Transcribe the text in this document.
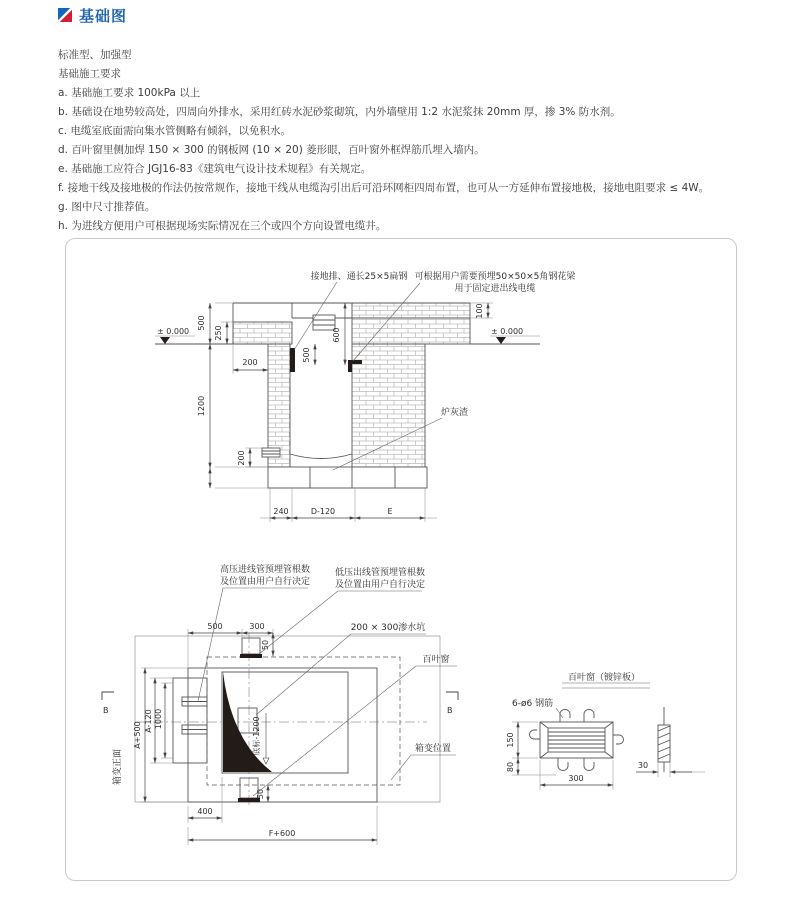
基础图
标准型、加强型
基础施工要求
a. 基础施工要求 100kPa 以上
b. 基础设在地势较高处，四周向外排水，采用红砖水泥砂浆砌筑，内外墙壁用 1:2 水泥浆抹 20mm 厚，掺 3% 防水剂。
c. 电缆室底面需向集水管侧略有倾斜，以免积水。
d. 百叶窗里侧加焊 150 × 300 的钢板网 (10 × 20) 菱形眼，百叶窗外框焊筋爪埋入墙内。
e. 基础施工应符合 JGJ16-83《建筑电气设计技术规程》有关规定。
f. 接地干线及接地极的作法仍按常规作，接地干线从电缆沟引出后可沿环网柜四周布置，也可从一方延伸布置接地极，接地电阻要求 ≤ 4W。
g. 图中尺寸推荐值。
h. 为进线方便用户可根据现场实际情况在三个或四个方向设置电缆井。
接地排、通长25×5扁钢 可根据用户需要预埋50×50×5角钢花梁
用于固定进出线电缆
± 0.000	± 0.000
炉灰渣
500
1200
250
200	500
600
100
200
240	D-120	E
高压进线管预埋管根数
及位置由用户自行决定
低压出线管预埋管根数
及位置由用户自行决定
200 × 300渗水坑
百叶窗
箱变位置
箱变正面
底标-1200
B	B
500	300
50
A+500
A-120 1000
400
F+600
50
百叶窗（镀锌板）
6-ø6 钢筋
150
80
300
30
